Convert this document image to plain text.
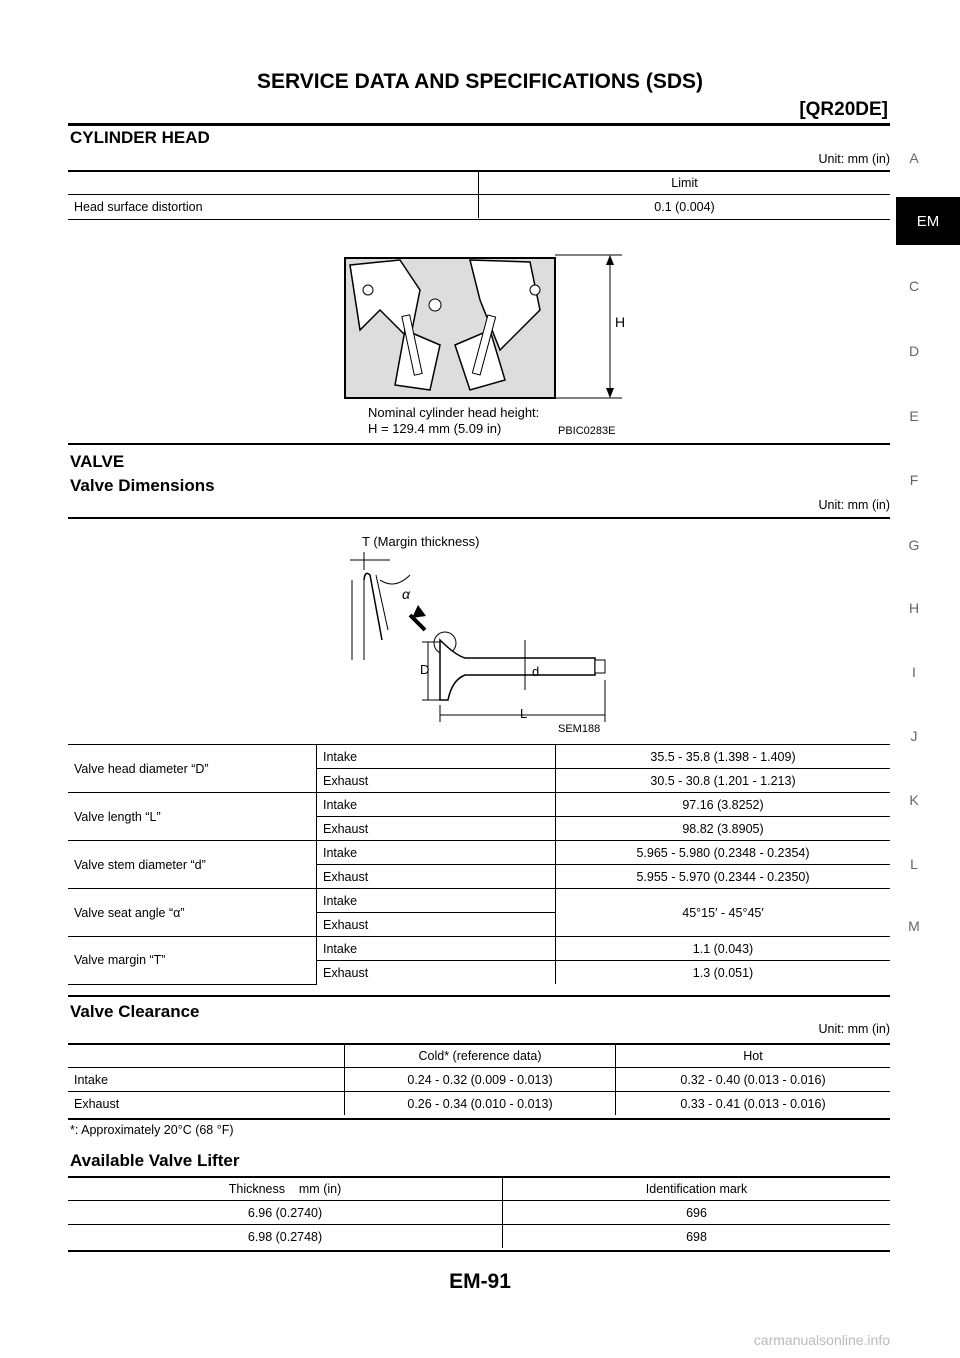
SERVICE DATA AND SPECIFICATIONS (SDS)
[QR20DE]
A
EM
C
D
E
F
G
H
I
J
K
L
M
CYLINDER HEAD
Unit: mm (in)
	Limit
Head surface distortion	0.1 (0.004)
H
Nominal cylinder head height:
H = 129.4 mm (5.09 in)	PBIC0283E
VALVE
Valve Dimensions
Unit: mm (in)
T (Margin thickness)
α
D	d
L
SEM188
Valve head diameter “D”	Intake	35.5 - 35.8 (1.398 - 1.409)
	Exhaust	30.5 - 30.8 (1.201 - 1.213)
Valve length “L”	Intake	97.16 (3.8252)
	Exhaust	98.82 (3.8905)
Valve stem diameter “d”	Intake	5.965 - 5.980 (0.2348 - 0.2354)
	Exhaust	5.955 - 5.970 (0.2344 - 0.2350)
Valve seat angle “α”	Intake	45°15′ - 45°45′
	Exhaust	
Valve margin “T”	Intake	1.1 (0.043)
	Exhaust	1.3 (0.051)
Valve Clearance
Unit: mm (in)
	Cold* (reference data)	Hot
Intake	0.24 - 0.32 (0.009 - 0.013)	0.32 - 0.40 (0.013 - 0.016)
Exhaust	0.26 - 0.34 (0.010 - 0.013)	0.33 - 0.41 (0.013 - 0.016)
*: Approximately 20°C (68 °F)
Available Valve Lifter
Thickness    mm (in)	Identification mark
6.96 (0.2740)	696
6.98 (0.2748)	698
EM-91
carmanualsonline.info
